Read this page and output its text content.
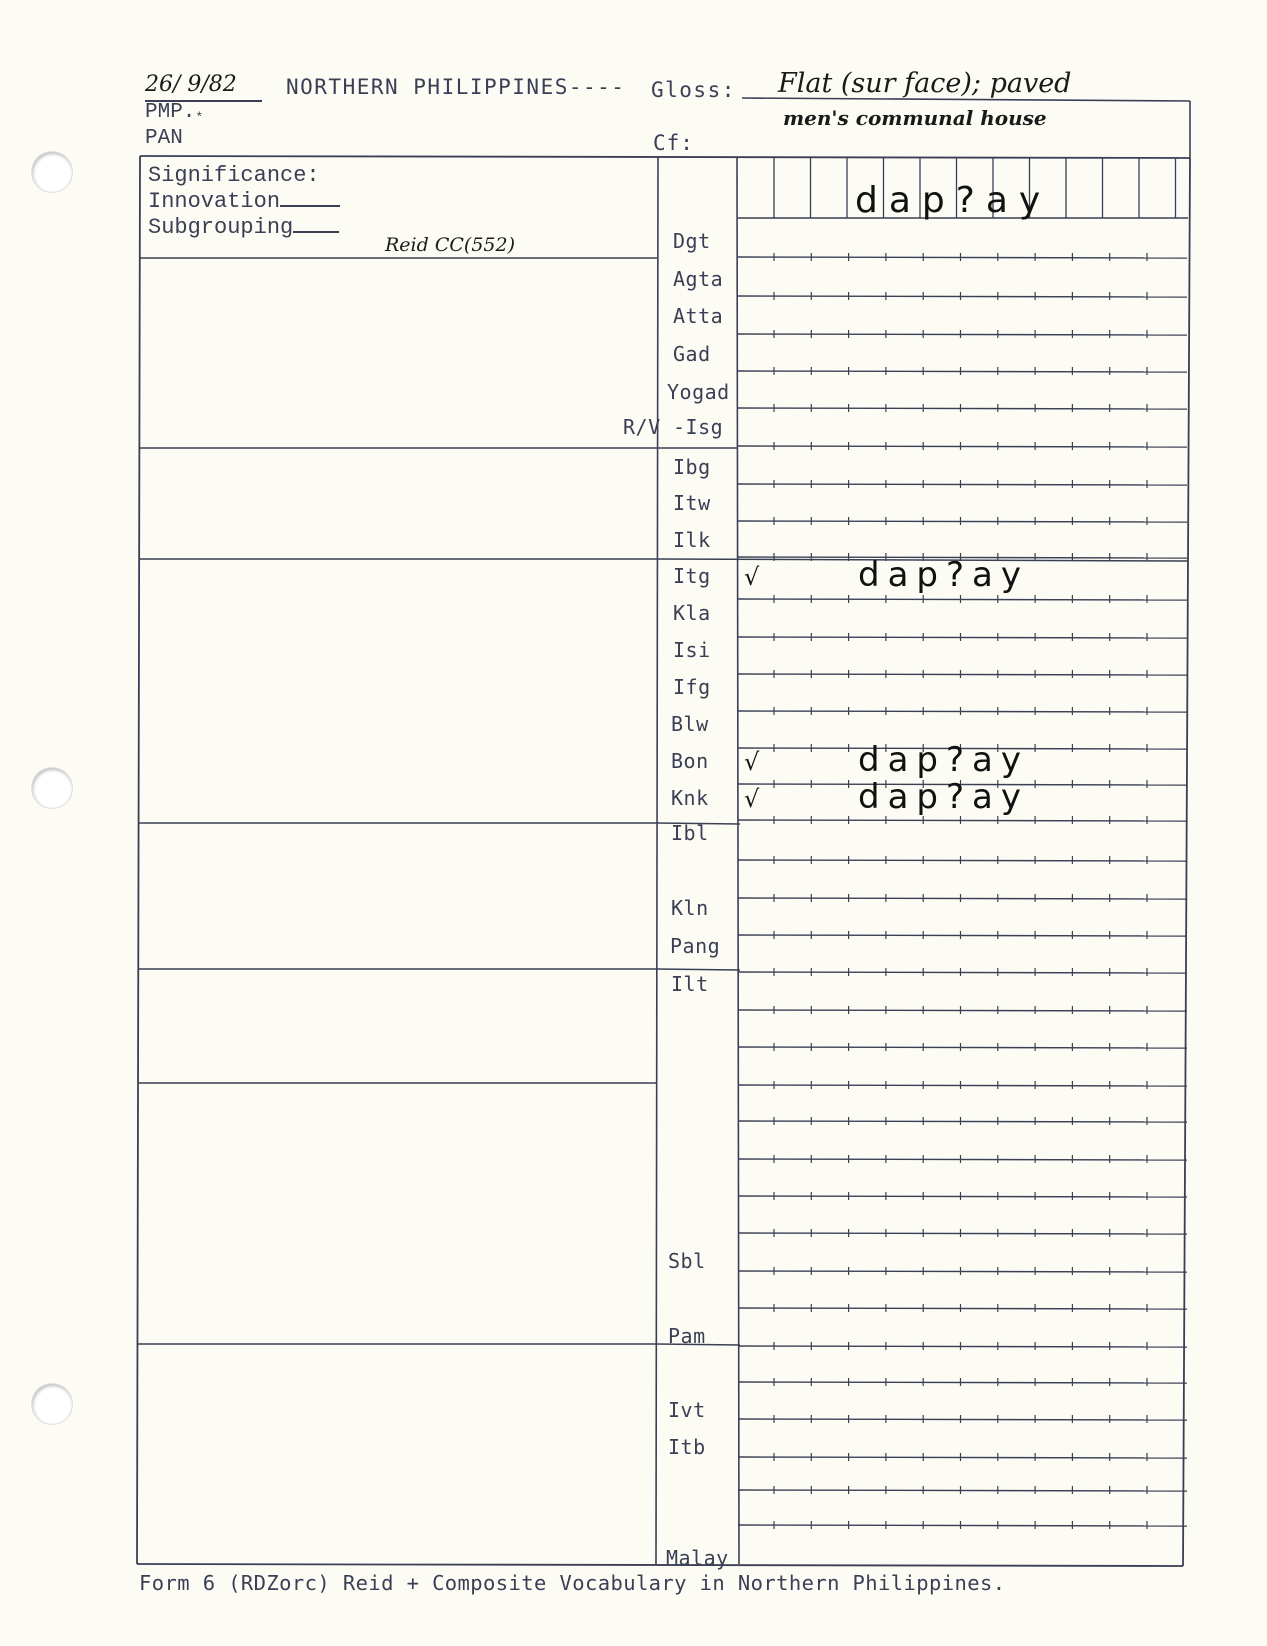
26/ 9/82 NORTHERN PHILIPPINES---- Gloss: Flat (sur face); paved
men's communal house
PMP.*
PAN	Cf:
Significance:
Innovation
Subgrouping
Reid CC(552)
dap?ay
Dgt
Agta
Atta
Gad
Yogad
-Isg
R/V
Ibg
Itw
Ilk
Itg √	dap?ay
Kla
Isi
Ifg
Blw
Bon √	dap?ay
Knk √	dap?ay
Ibl
Kln
Pang
Ilt
Sbl
Pam
Ivt
Itb
Malay
Form 6 (RDZorc) Reid + Composite Vocabulary in Northern Philippines.
